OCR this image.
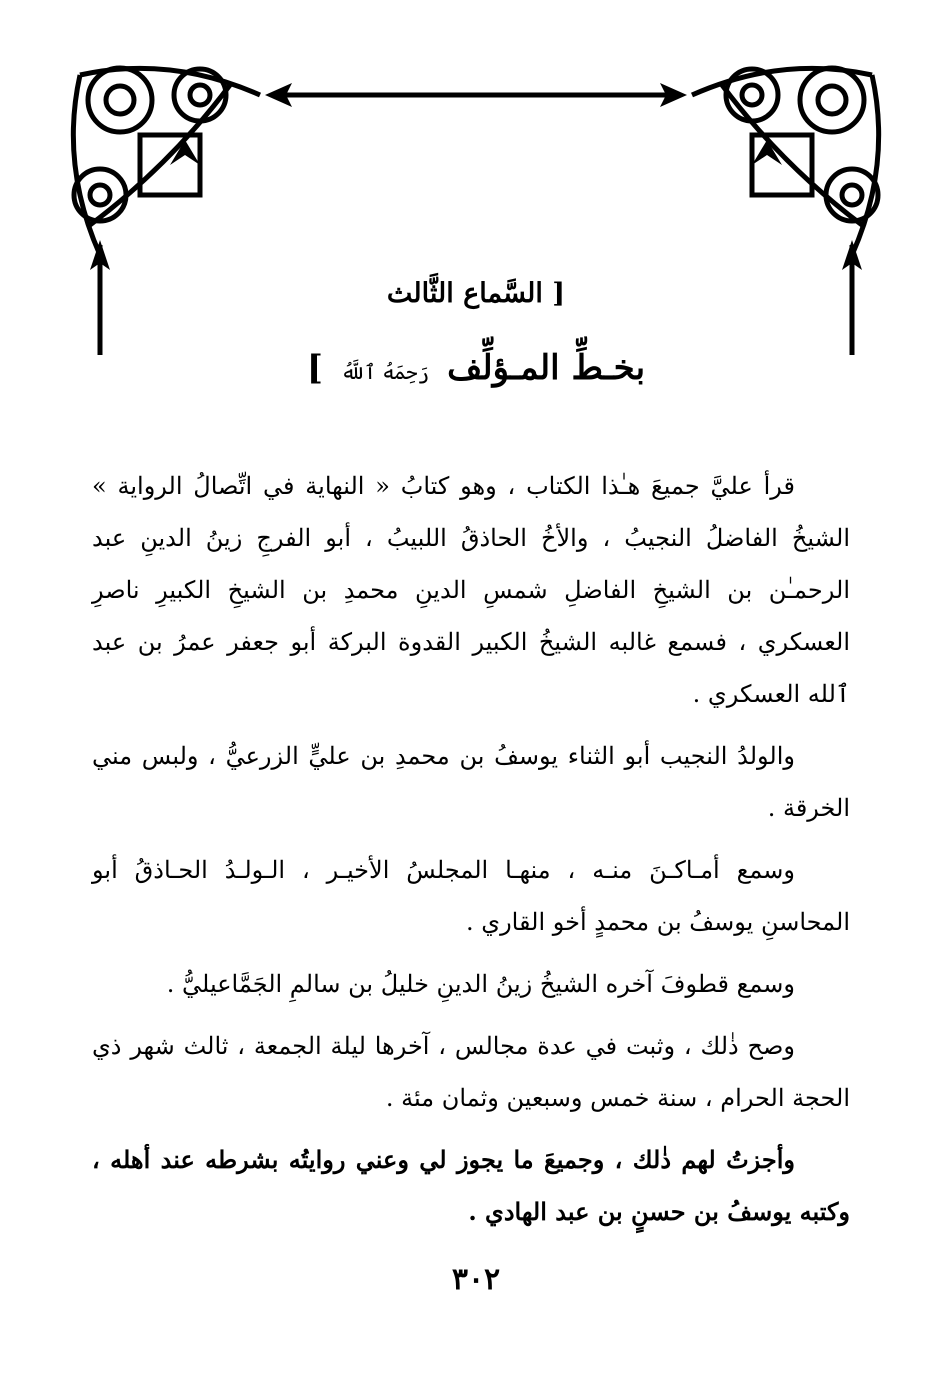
[ السَّماع الثَّالث
بخـطِّ المـؤلِّف رَحِمَهُ ٱللَّهُ ]

قرأ عليَّ جميعَ هـٰذا الكتاب ، وهو كتابُ « النهاية في اتِّصالُ الرواية » الشيخُ الفاضلُ النجيبُ ، والأخُ الحاذقُ اللبيبُ ، أبو الفرجِ زينُ الدينِ عبد الرحمـٰن بن الشيخِ الفاضلِ شمسِ الدينِ محمدِ بن الشيخِ الكبيرِ ناصرِ العسكري ، فسمع غالبه الشيخُ الكبير القدوة البركة أبو جعفر عمرُ بن عبد ٱلله العسكري .

والولدُ النجيب أبو الثناء يوسفُ بن محمدِ بن عليٍّ الزرعيُّ ، ولبس مني الخرقة .

وسمع أمـاكـنَ منـه ، منهـا المجلسُ الأخيـر ، الـولـدُ الحـاذقُ أبو المحاسنِ يوسفُ بن محمدٍ أخو القاري .

وسمع قطوفَ آخره الشيخُ زينُ الدينِ خليلُ بن سالمِ الجَمَّاعيليُّ .

وصح ذٰلك ، وثبت في عدة مجالس ، آخرها ليلة الجمعة ، ثالث شهر ذي الحجة الحرام ، سنة خمس وسبعين وثمان مئة .

وأجزتُ لهم ذٰلك ، وجميعَ ما يجوز لي وعني روايتُه بشرطه عند أهله ، وكتبه يوسفُ بن حسنٍ بن عبد الهادي .

٣٠٢
